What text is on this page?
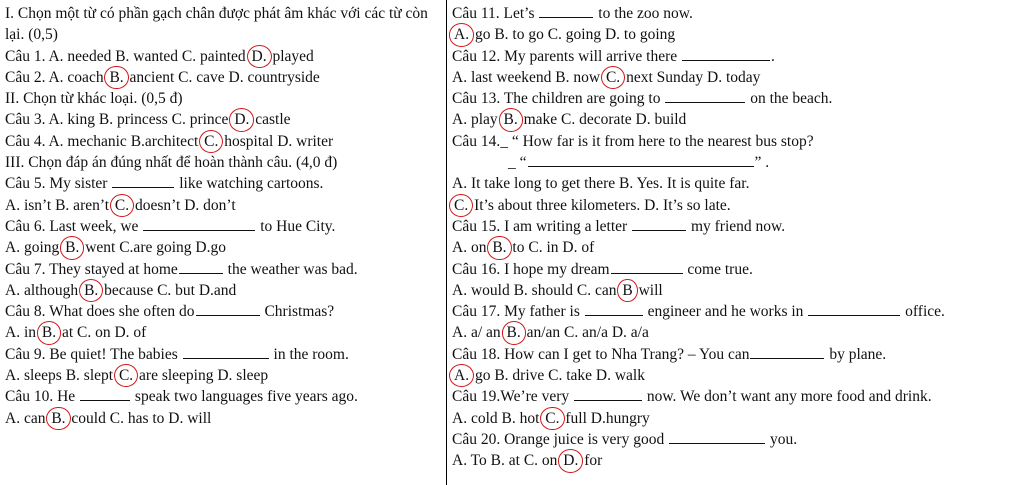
I. Chọn một từ có phần gạch chân được phát âm khác với các từ còn lại. (0,5)
Câu 1. A. needed B. wanted C. painted D. played
Câu 2. A. coach B. ancient C. cave D. countryside
II. Chọn từ khác loại. (0,5 đ)
Câu 3. A. king B. princess C. prince D. castle
Câu 4. A. mechanic B.architect C. hospital D. writer
III. Chọn đáp án đúng nhất để hoàn thành câu. (4,0 đ)
Câu 5. My sister	like watching cartoons.
A. isn’t B. aren’t C. doesn’t D. don’t
Câu 6. Last week, we	to Hue City.
A. going B. went C.are going D.go
Câu 7. They stayed at home	the weather was bad.
A. although B. because C. but D.and
Câu 8. What does she often do	Christmas?
A. in B. at C. on D. of
Câu 9. Be quiet! The babies	in the room.
A. sleeps B. slept C. are sleeping D. sleep
Câu 10. He	speak two languages five years ago.
A. can B. could C. has to D. will
Câu 11. Let’s	to the zoo now.
A. go B. to go C. going D. to going
Câu 12. My parents will arrive there	.
A. last weekend B. now C. next Sunday D. today
Câu 13. The children are going to	on the beach.
A. play B. make C. decorate D. build
Câu 14._ “ How far is it from here to the nearest bus stop?
_ “	” .
A. It take long to get there B. Yes. It is quite far.
C. It’s about three kilometers. D. It’s so late.
Câu 15. I am writing a letter	my friend now.
A. on B. to C. in D. of
Câu 16. I hope my dream	come true.
A. would B. should C. can B will
Câu 17. My father is	engineer and he works in	office.
A. a/ an B. an/an C. an/a D. a/a
Câu 18. How can I get to Nha Trang? – You can	by plane.
A. go B. drive C. take D. walk
Câu 19.We’re very	now. We don’t want any more food and drink.
A. cold B. hot C. full D.hungry
Câu 20. Orange juice is very good	you.
A. To B. at C. on D. for
